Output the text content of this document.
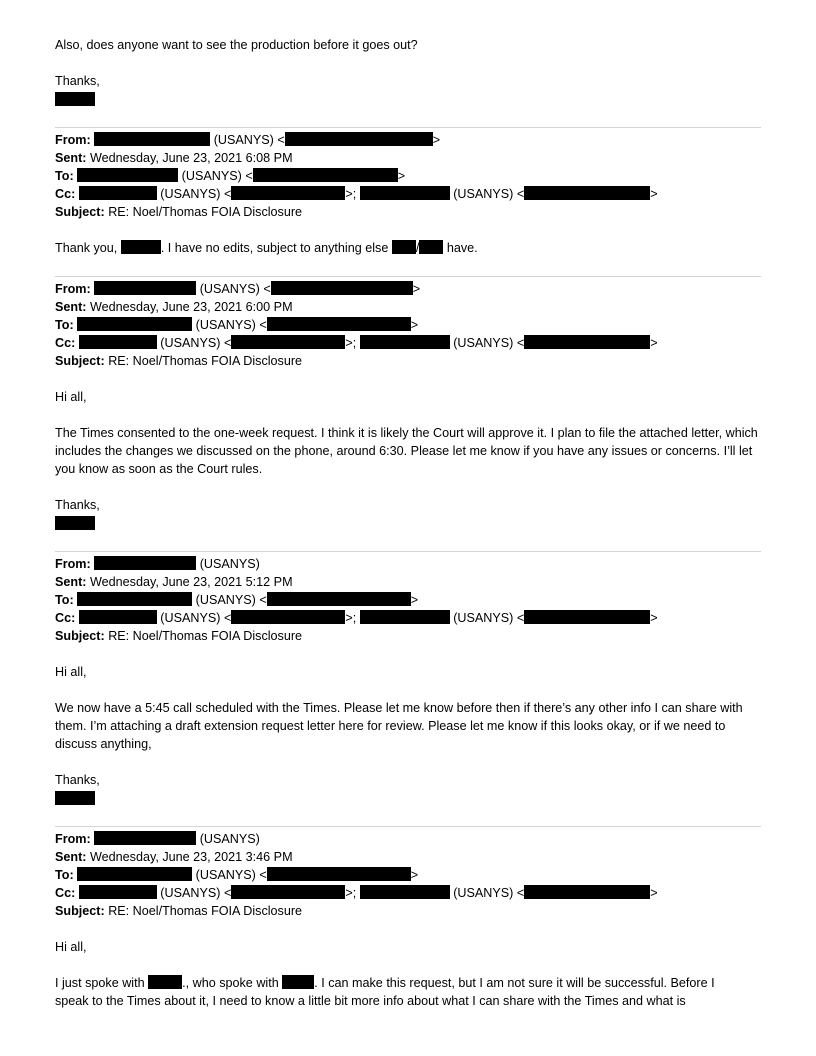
Also, does anyone want to see the production before it goes out?
Thanks,
From:	(USANYS) <	>
Sent: Wednesday, June 23, 2021 6:08 PM
To:	(USANYS) <	>
Cc:	(USANYS) <	>;	(USANYS) <	>
Subject: RE: Noel/Thomas FOIA Disclosure
Thank you,	. I have no edits, subject to anything else / have.
From:	(USANYS) <	>
Sent: Wednesday, June 23, 2021 6:00 PM
To:	(USANYS) <	>
Cc:	(USANYS) <	>;	(USANYS) <	>
Subject: RE: Noel/Thomas FOIA Disclosure
Hi all,
The Times consented to the one-week request. I think it is likely the Court will approve it. I plan to file the attached letter, which includes the changes we discussed on the phone, around 6:30. Please let me know if you have any issues or concerns. I’ll let you know as soon as the Court rules.
Thanks,
From:	(USANYS)
Sent: Wednesday, June 23, 2021 5:12 PM
To:	(USANYS) <	>
Cc:	(USANYS) <	>;	(USANYS) <	>
Subject: RE: Noel/Thomas FOIA Disclosure
Hi all,
We now have a 5:45 call scheduled with the Times. Please let me know before then if there’s any other info I can share with them. I’m attaching a draft extension request letter here for review. Please let me know if this looks okay, or if we need to discuss anything,
Thanks,
From:	(USANYS)
Sent: Wednesday, June 23, 2021 3:46 PM
To:	(USANYS) <	>
Cc:	(USANYS) <	>;	(USANYS) <	>
Subject: RE: Noel/Thomas FOIA Disclosure
Hi all,
I just spoke with	., who spoke with	. I can make this request, but I am not sure it will be successful. Before I
speak to the Times about it, I need to know a little bit more info about what I can share with the Times and what is
